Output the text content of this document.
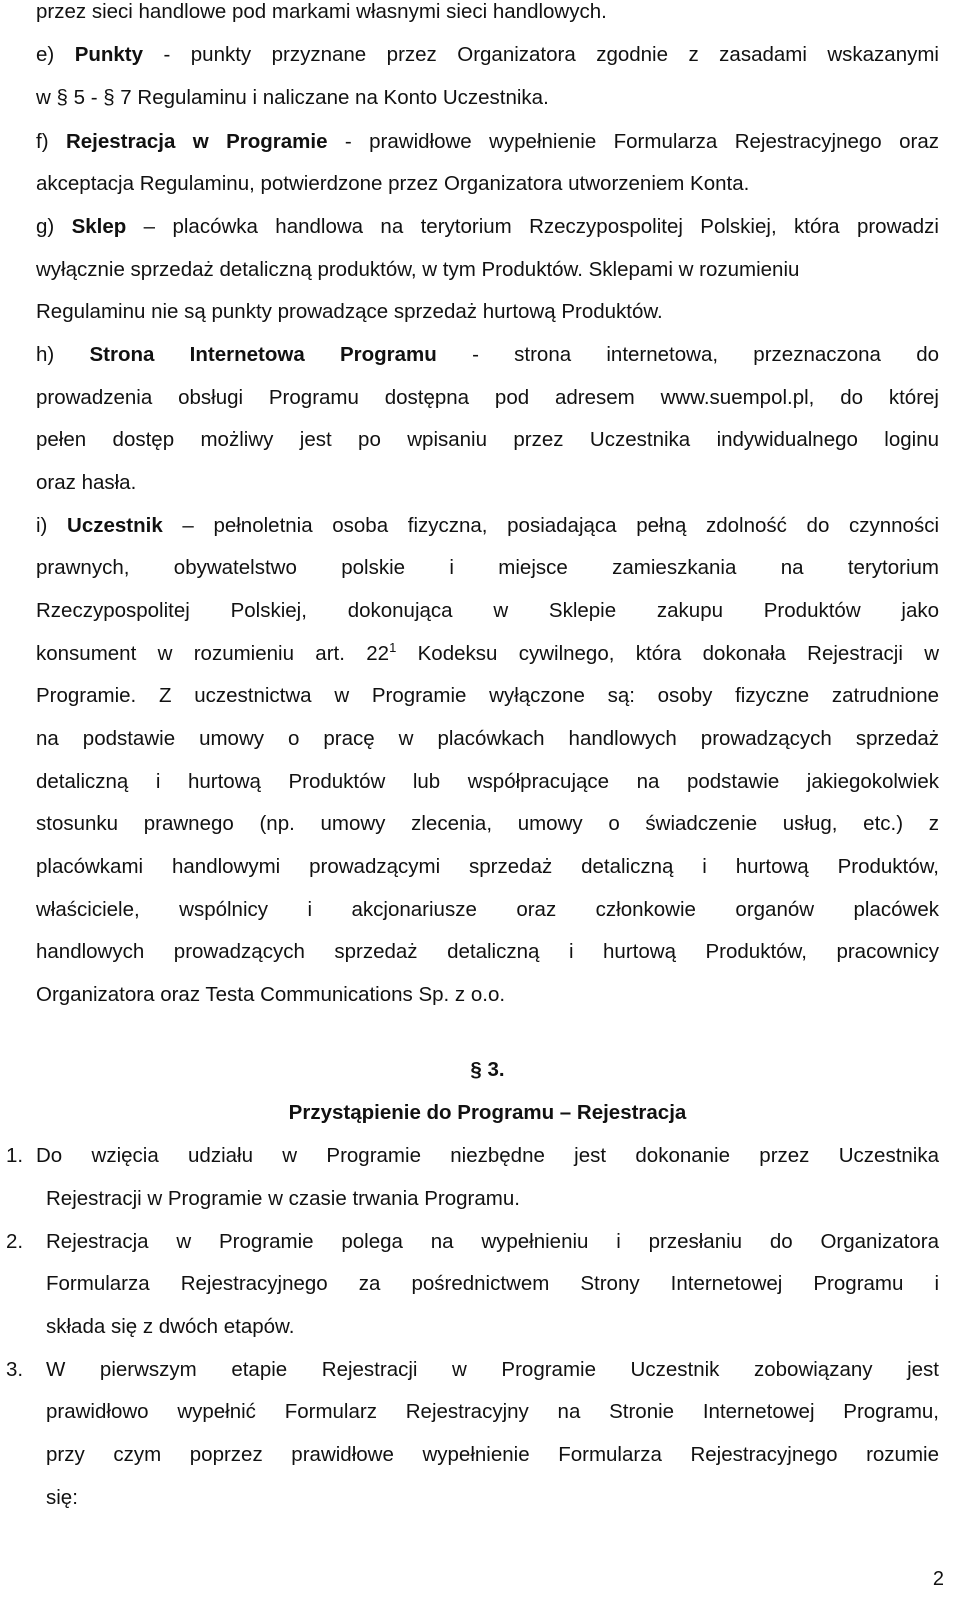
przez sieci handlowe pod markami własnymi sieci handlowych.
e) Punkty - punkty przyznane przez Organizatora zgodnie z zasadami wskazanymi
w § 5 - § 7 Regulaminu i naliczane na Konto Uczestnika.
f) Rejestracja w Programie - prawidłowe wypełnienie Formularza Rejestracyjnego oraz
akceptacja Regulaminu, potwierdzone przez Organizatora utworzeniem Konta.
g) Sklep – placówka handlowa na terytorium Rzeczypospolitej Polskiej, która prowadzi
wyłącznie sprzedaż detaliczną produktów, w tym Produktów. Sklepami w rozumieniu
Regulaminu nie są punkty prowadzące sprzedaż hurtową Produktów.
h) Strona Internetowa Programu - strona internetowa, przeznaczona do
prowadzenia obsługi Programu dostępna pod adresem www.suempol.pl, do której
pełen dostęp możliwy jest po wpisaniu przez Uczestnika indywidualnego loginu
oraz hasła.
i) Uczestnik – pełnoletnia osoba fizyczna, posiadająca pełną zdolność do czynności
prawnych, obywatelstwo polskie i miejsce zamieszkania na terytorium
Rzeczypospolitej Polskiej, dokonująca w Sklepie zakupu Produktów jako
konsument w rozumieniu art. $22^1$ Kodeksu cywilnego, która dokonała Rejestracji w
Programie. Z uczestnictwa w Programie wyłączone są: osoby fizyczne zatrudnione
na podstawie umowy o pracę w placówkach handlowych prowadzących sprzedaż
detaliczną i hurtową Produktów lub współpracujące na podstawie jakiegokolwiek
stosunku prawnego (np. umowy zlecenia, umowy o świadczenie usług, etc.) z
placówkami handlowymi prowadzącymi sprzedaż detaliczną i hurtową Produktów,
właściciele, wspólnicy i akcjonariusze oraz członkowie organów placówek
handlowych prowadzących sprzedaż detaliczną i hurtową Produktów, pracownicy
Organizatora oraz Testa Communications Sp. z o.o.
§ 3.
Przystąpienie do Programu – Rejestracja
1. Do wzięcia udziału w Programie niezbędne jest dokonanie przez Uczestnika
Rejestracji w Programie w czasie trwania Programu.
2. Rejestracja w Programie polega na wypełnieniu i przesłaniu do Organizatora
Formularza Rejestracyjnego za pośrednictwem Strony Internetowej Programu i
składa się z dwóch etapów.
3. W pierwszym etapie Rejestracji w Programie Uczestnik zobowiązany jest
prawidłowo wypełnić Formularz Rejestracyjny na Stronie Internetowej Programu,
przy czym poprzez prawidłowe wypełnienie Formularza Rejestracyjnego rozumie
się:
2
